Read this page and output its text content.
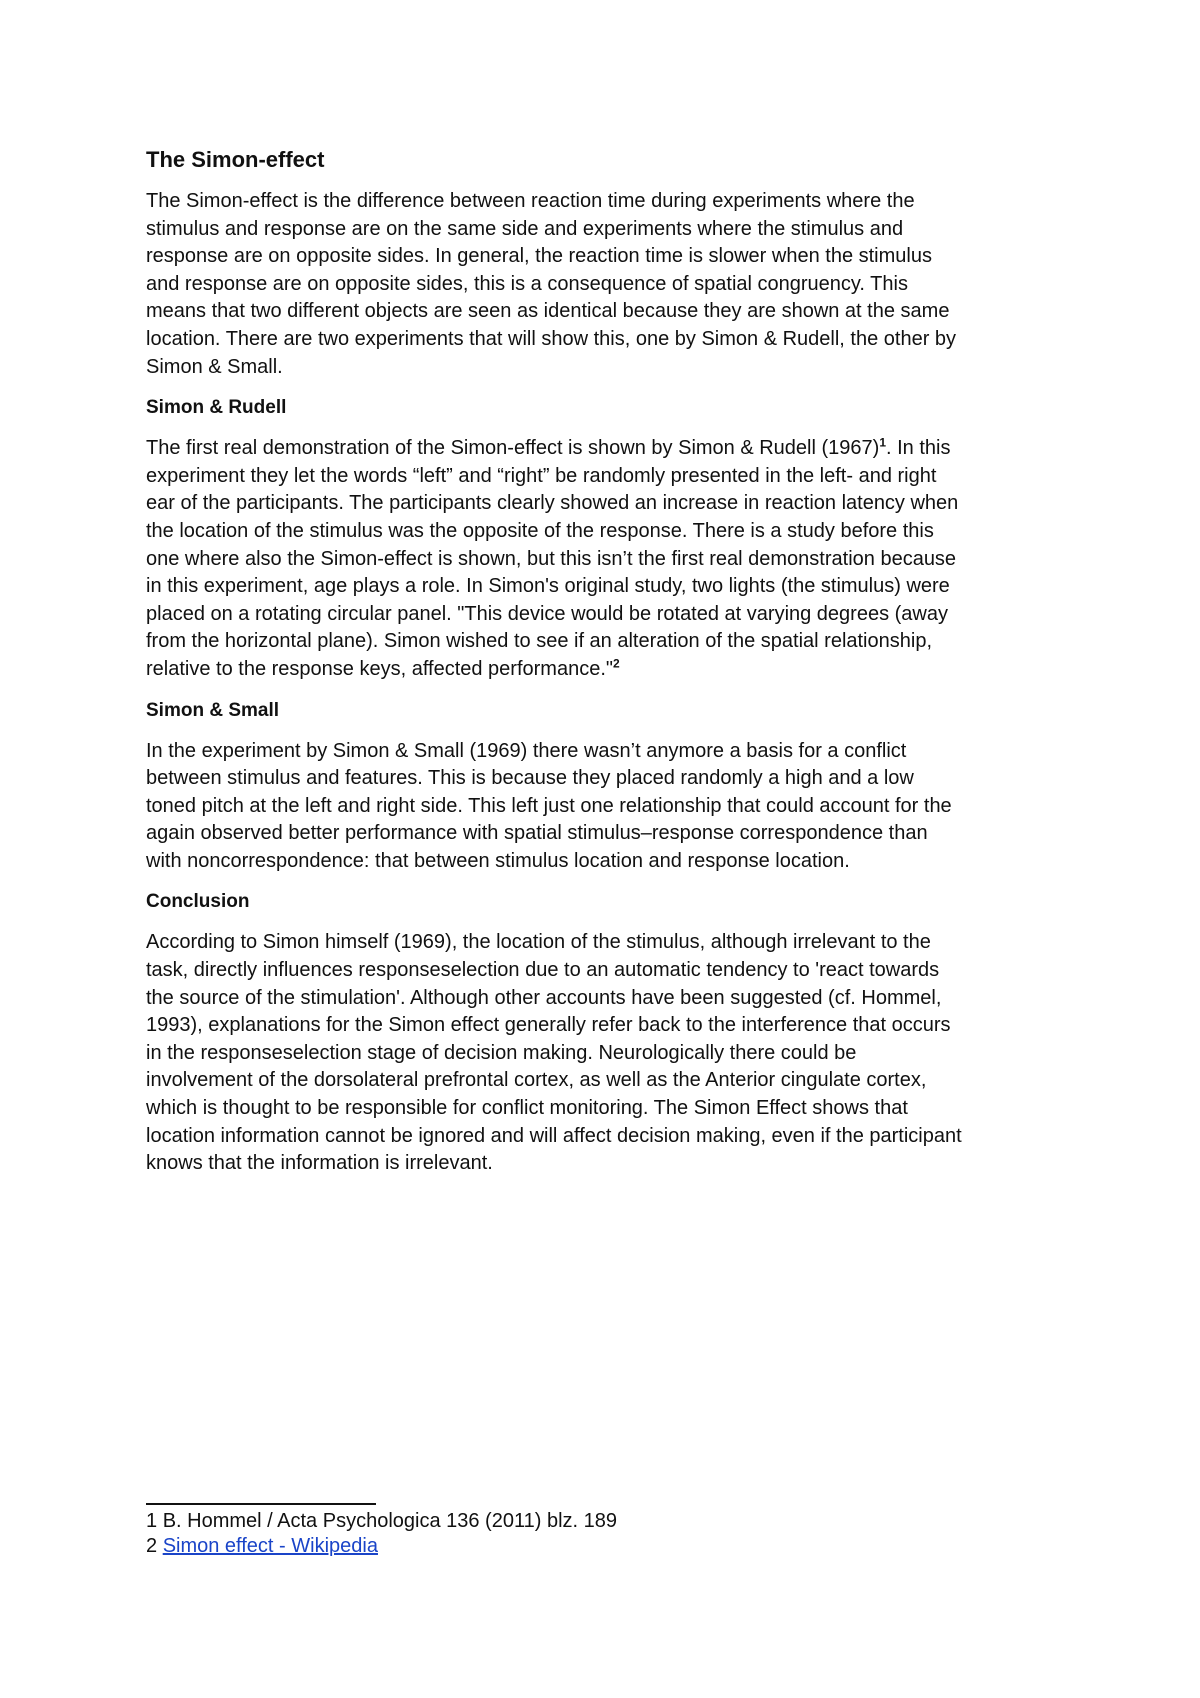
The Simon-effect

The Simon-effect is the difference between reaction time during experiments where the
stimulus and response are on the same side and experiments where the stimulus and
response are on opposite sides. In general, the reaction time is slower when the stimulus
and response are on opposite sides, this is a consequence of spatial congruency. This
means that two different objects are seen as identical because they are shown at the same
location. There are two experiments that will show this, one by Simon & Rudell, the other by
Simon & Small.

Simon & Rudell

The first real demonstration of the Simon-effect is shown by Simon & Rudell $(1967)^1$. In this
experiment they let the words “left” and “right” be randomly presented in the left- and right
ear of the participants. The participants clearly showed an increase in reaction latency when
the location of the stimulus was the opposite of the response. There is a study before this
one where also the Simon-effect is shown, but this isn’t the first real demonstration because
in this experiment, age plays a role. In Simon's original study, two lights (the stimulus) were
placed on a rotating circular panel. "This device would be rotated at varying degrees (away
from the horizontal plane). Simon wished to see if an alteration of the spatial relationship,
relative to the response keys, affected performance."$^2$

Simon & Small

In the experiment by Simon & Small (1969) there wasn’t anymore a basis for a conflict
between stimulus and features. This is because they placed randomly a high and a low
toned pitch at the left and right side. This left just one relationship that could account for the
again observed better performance with spatial stimulus–response correspondence than
with noncorrespondence: that between stimulus location and response location.

Conclusion

According to Simon himself (1969), the location of the stimulus, although irrelevant to the
task, directly influences responseselection due to an automatic tendency to 'react towards
the source of the stimulation'. Although other accounts have been suggested (cf. Hommel,
1993), explanations for the Simon effect generally refer back to the interference that occurs
in the responseselection stage of decision making. Neurologically there could be
involvement of the dorsolateral prefrontal cortex, as well as the Anterior cingulate cortex,
which is thought to be responsible for conflict monitoring. The Simon Effect shows that
location information cannot be ignored and will affect decision making, even if the participant
knows that the information is irrelevant.

1 B. Hommel / Acta Psychologica 136 (2011) blz. 189
2 Simon effect - Wikipedia
